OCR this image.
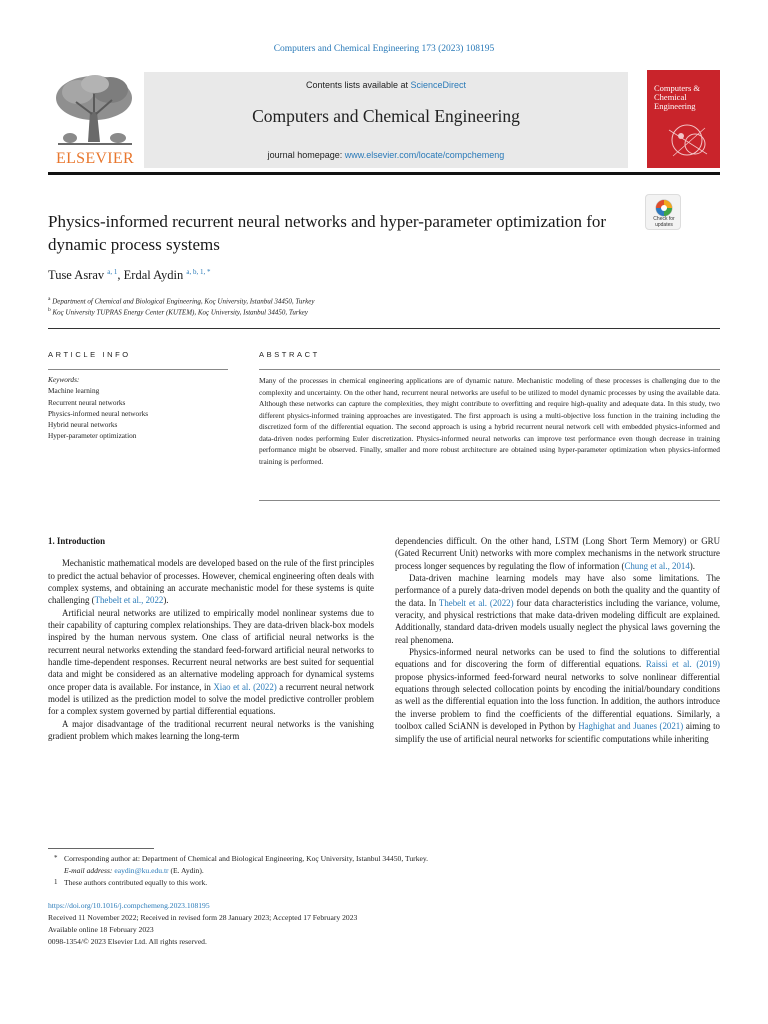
Computers and Chemical Engineering 173 (2023) 108195
ELSEVIER
Contents lists available at ScienceDirect
Computers and Chemical Engineering
journal homepage: www.elsevier.com/locate/compchemeng
Computers & Chemical Engineering
Physics-informed recurrent neural networks and hyper-parameter optimization for dynamic process systems
Check for updates
Tuse Asrav $^{a, 1}$, Erdal Aydin $^{a, b, 1, *}$
$^a$ Department of Chemical and Biological Engineering, Koç University, Istanbul 34450, Turkey
$^b$ Koç University TUPRAS Energy Center (KUTEM), Koç University, Istanbul 34450, Turkey
ARTICLE INFO	ABSTRACT
Keywords:
Machine learning
Recurrent neural networks
Physics-informed neural networks
Hybrid neural networks
Hyper-parameter optimization
Many of the processes in chemical engineering applications are of dynamic nature. Mechanistic modeling of these processes is challenging due to the complexity and uncertainty. On the other hand, recurrent neural networks are useful to be utilized to model dynamic processes by using the available data. Although these networks can capture the complexities, they might contribute to overfitting and require high-quality and adequate data. In this study, two different physics-informed training approaches are investigated. The first approach is using a multi-objective loss function in the training including the discretized form of the differential equation. The second approach is using a hybrid recurrent neural network cell with embedded physics-informed and data-driven nodes performing Euler discretization. Physics-informed neural networks can improve test performance even though decrease in training performance might be observed. Finally, smaller and more robust architecture are obtained using hyper-parameter optimization when physics-informed training is performed.
1. Introduction

Mechanistic mathematical models are developed based on the rule of the first principles to predict the actual behavior of processes. However, chemical engineering often deals with complex systems, and obtaining an accurate mechanistic model for these systems is quite challenging (Thebelt et al., 2022).

Artificial neural networks are utilized to empirically model nonlinear systems due to their capability of capturing complex relationships. They are data-driven black-box models inspired by the human nervous system. One class of artificial neural networks is the recurrent neural networks extending the standard feed-forward artificial neural networks to handle time-dependent responses. Recurrent neural networks are best suited for sequential data and might be considered as an alternative modeling approach for dynamical systems once proper data is available. For instance, in Xiao et al. (2022) a recurrent neural network model is utilized as the prediction model to solve the model predictive controller problem for a complex system governed by partial differential equations.

A major disadvantage of the traditional recurrent neural networks is the vanishing gradient problem which makes learning the long-term

dependencies difficult. On the other hand, LSTM (Long Short Term Memory) or GRU (Gated Recurrent Unit) networks with more complex mechanisms in the network structure process longer sequences by regulating the flow of information (Chung et al., 2014).

Data-driven machine learning models may have also some limitations. The performance of a purely data-driven model depends on both the quality and the quantity of the data. In Thebelt et al. (2022) four data characteristics including the variance, volume, veracity, and physical restrictions that make data-driven modeling difficult are explained. Additionally, standard data-driven models usually neglect the physical laws governing the real phenomena.

Physics-informed neural networks can be used to find the solutions to differential equations and for discovering the form of differential equations. Raissi et al. (2019) propose physics-informed feed-forward neural networks to solve nonlinear differential equations through selected collocation points by encoding the initial/boundary conditions as well as the differential equation into the loss function. In addition, the authors introduce the inverse problem to find the coefficients of the differential equations. Similarly, a toolbox called SciANN is developed in Python by Haghighat and Juanes (2021) aiming to simplify the use of artificial neural networks for scientific computations while inheriting

* Corresponding author at: Department of Chemical and Biological Engineering, Koç University, Istanbul 34450, Turkey.
E-mail address: eaydin@ku.edu.tr (E. Aydin).
1 These authors contributed equally to this work.
https://doi.org/10.1016/j.compchemeng.2023.108195
Received 11 November 2022; Received in revised form 28 January 2023; Accepted 17 February 2023
Available online 18 February 2023
0098-1354/© 2023 Elsevier Ltd. All rights reserved.
